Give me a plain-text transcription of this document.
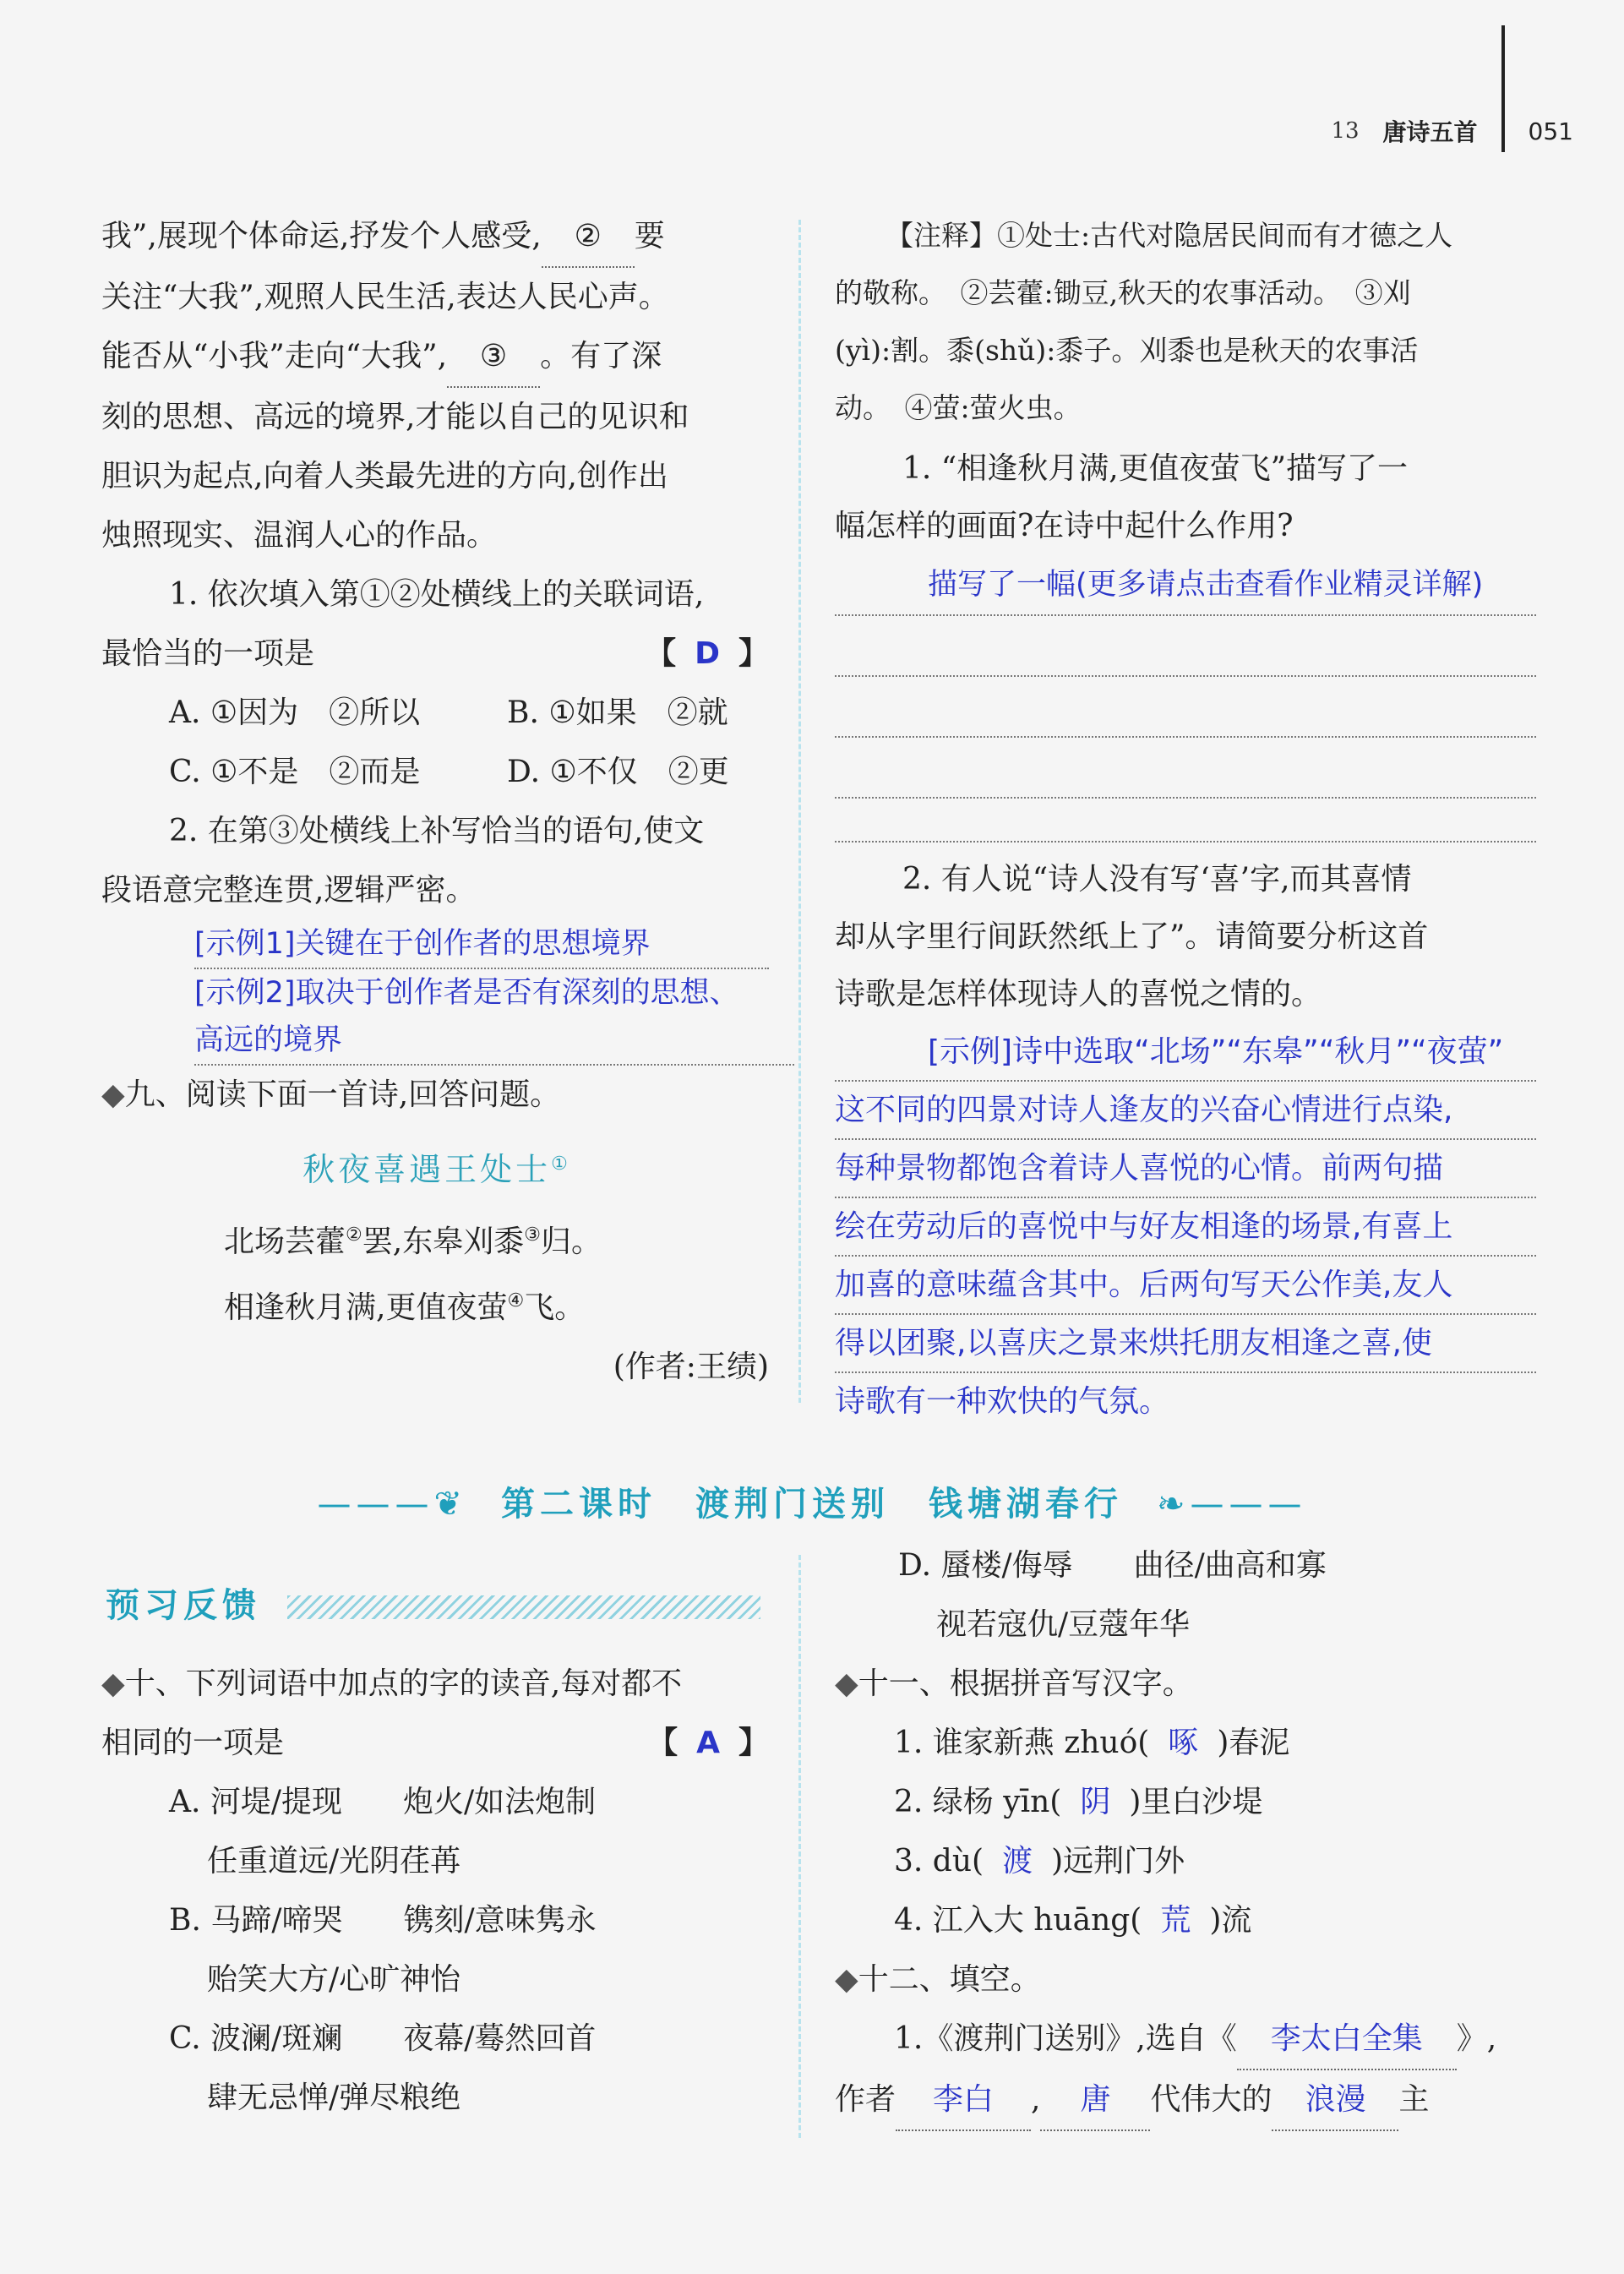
13 唐诗五首 051
我”,展现个体命运,抒发个人感受, ② 要
关注“大我”,观照人民生活,表达人民心声。
能否从“小我”走向“大我”, ③ 。有了深
刻的思想、高远的境界,才能以自己的见识和
胆识为起点,向着人类最先进的方向,创作出
烛照现实、温润人心的作品。
1. 依次填入第①②处横线上的关联词语,
最恰当的一项是	【 D 】
A. ①因为　②所以	B. ①如果　②就
C. ①不是　②而是	D. ①不仅　②更
2. 在第③处横线上补写恰当的语句,使文
段语意完整连贯,逻辑严密。
[示例1]关键在于创作者的思想境界
[示例2]取决于创作者是否有深刻的思想、
高远的境界
◆九、阅读下面一首诗,回答问题。
秋夜喜遇王处士①
北场芸藿②罢,东皋刈黍③归。
相逢秋月满,更值夜萤④飞。
(作者:王绩)
【注释】①处士:古代对隐居民间而有才德之人
的敬称。　②芸藿:锄豆,秋天的农事活动。　③刈
(yì):割。黍(shǔ):黍子。刈黍也是秋天的农事活
动。　④萤:萤火虫。
1. “相逢秋月满,更值夜萤飞”描写了一
幅怎样的画面?在诗中起什么作用?
描写了一幅(更多请点击查看作业精灵详解)
2. 有人说“诗人没有写‘喜’字,而其喜情
却从字里行间跃然纸上了”。请简要分析这首
诗歌是怎样体现诗人的喜悦之情的。
[示例]诗中选取“北场”“东皋”“秋月”“夜萤”
这不同的四景对诗人逢友的兴奋心情进行点染,
每种景物都饱含着诗人喜悦的心情。前两句描
绘在劳动后的喜悦中与好友相逢的场景,有喜上
加喜的意味蕴含其中。后两句写天公作美,友人
得以团聚,以喜庆之景来烘托朋友相逢之喜,使
诗歌有一种欢快的气氛。
———❦ 第二课时　渡荆门送别　钱塘湖春行 ❧———
预习反馈
◆十、下列词语中加点的字的读音,每对都不
相同的一项是	【 A 】
A. 河堤/提现　　炮火/如法炮制
任重道远/光阴荏苒
B. 马蹄/啼哭　　镌刻/意味隽永
贻笑大方/心旷神怡
C. 波澜/斑斓　　夜幕/蓦然回首
肆无忌惮/弹尽粮绝
D. 蜃楼/侮辱　　曲径/曲高和寡
视若寇仇/豆蔻年华
◆十一、根据拼音写汉字。
1. 谁家新燕 zhuó( 啄 )春泥
2. 绿杨 yīn( 阴 )里白沙堤
3. dù( 渡 )远荆门外
4. 江入大 huāng( 荒 )流
◆十二、填空。
1.《渡荆门送别》,选自《 李太白全集 》,
作者 李白 , 唐 代伟大的 浪漫 主
